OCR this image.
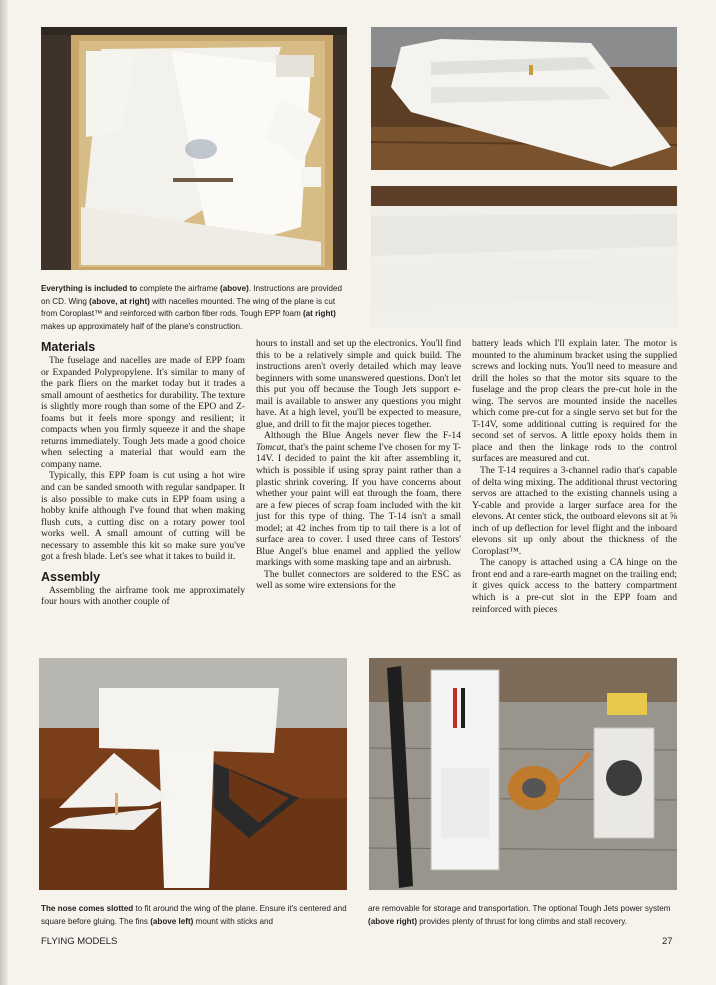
Everything is included to complete the airframe (above). Instructions are provided on CD. Wing (above, at right) with nacelles mounted. The wing of the plane is cut from Coroplast™ and reinforced with carbon fiber rods. Tough EPP foam (at right) makes up approximately half of the plane's construction.
Materials

The fuselage and nacelles are made of EPP foam or Expanded Polypropylene. It's similar to many of the park fliers on the market today but it trades a small amount of aesthetics for durability. The texture is slightly more rough than some of the EPO and Z-foams but it feels more spongy and resilient; it compacts when you firmly squeeze it and the shape returns immediately. Tough Jets made a good choice when selecting a material that would earn the company name.

Typically, this EPP foam is cut using a hot wire and can be sanded smooth with regular sandpaper. It is also possible to make cuts in EPP foam using a hobby knife although I've found that when making flush cuts, a cutting disc on a rotary power tool works well. A small amount of cutting will be necessary to assemble this kit so make sure you've got a fresh blade. Let's see what it takes to build it.

Assembly

Assembling the airframe took me approximately four hours with another couple of

hours to install and set up the electronics. You'll find this to be a relatively simple and quick build. The instructions aren't overly detailed which may leave beginners with some unanswered questions. Don't let this put you off because the Tough Jets support e-mail is available to answer any questions you might have. At a high level, you'll be expected to measure, glue, and drill to fit the major pieces together.

Although the Blue Angels never flew the F-14 Tomcat, that's the paint scheme I've chosen for my T-14V. I decided to paint the kit after assembling it, which is possible if using spray paint rather than a plastic shrink covering. If you have concerns about whether your paint will eat through the foam, there are a few pieces of scrap foam included with the kit just for this type of thing. The T-14 isn't a small model; at 42 inches from tip to tail there is a lot of surface area to cover. I used three cans of Testors' Blue Angel's blue enamel and applied the yellow markings with some masking tape and an airbrush.

The bullet connectors are soldered to the ESC as well as some wire extensions for the

battery leads which I'll explain later. The motor is mounted to the aluminum bracket using the supplied screws and locking nuts. You'll need to measure and drill the holes so that the motor sits square to the fuselage and the prop clears the pre-cut hole in the wing. The servos are mounted inside the nacelles which come pre-cut for a single servo set but for the T-14V, some additional cutting is required for the second set of servos. A little epoxy holds them in place and then the linkage rods to the control surfaces are measured and cut.

The T-14 requires a 3-channel radio that's capable of delta wing mixing. The additional thrust vectoring servos are attached to the existing channels using a Y-cable and provide a larger surface area for the elevons. At center stick, the outboard elevons sit at ⅝ inch of up deflection for level flight and the inboard elevons sit up only about the thickness of the Coroplast™.

The canopy is attached using a CA hinge on the front end and a rare-earth magnet on the trailing end; it gives quick access to the battery compartment which is a pre-cut slot in the EPP foam and reinforced with pieces

The nose comes slotted to fit around the wing of the plane. Ensure it's centered and square before gluing. The fins (above left) mount with sticks and
are removable for storage and transportation. The optional Tough Jets power system (above right) provides plenty of thrust for long climbs and stall recovery.
FLYING MODELS	27
